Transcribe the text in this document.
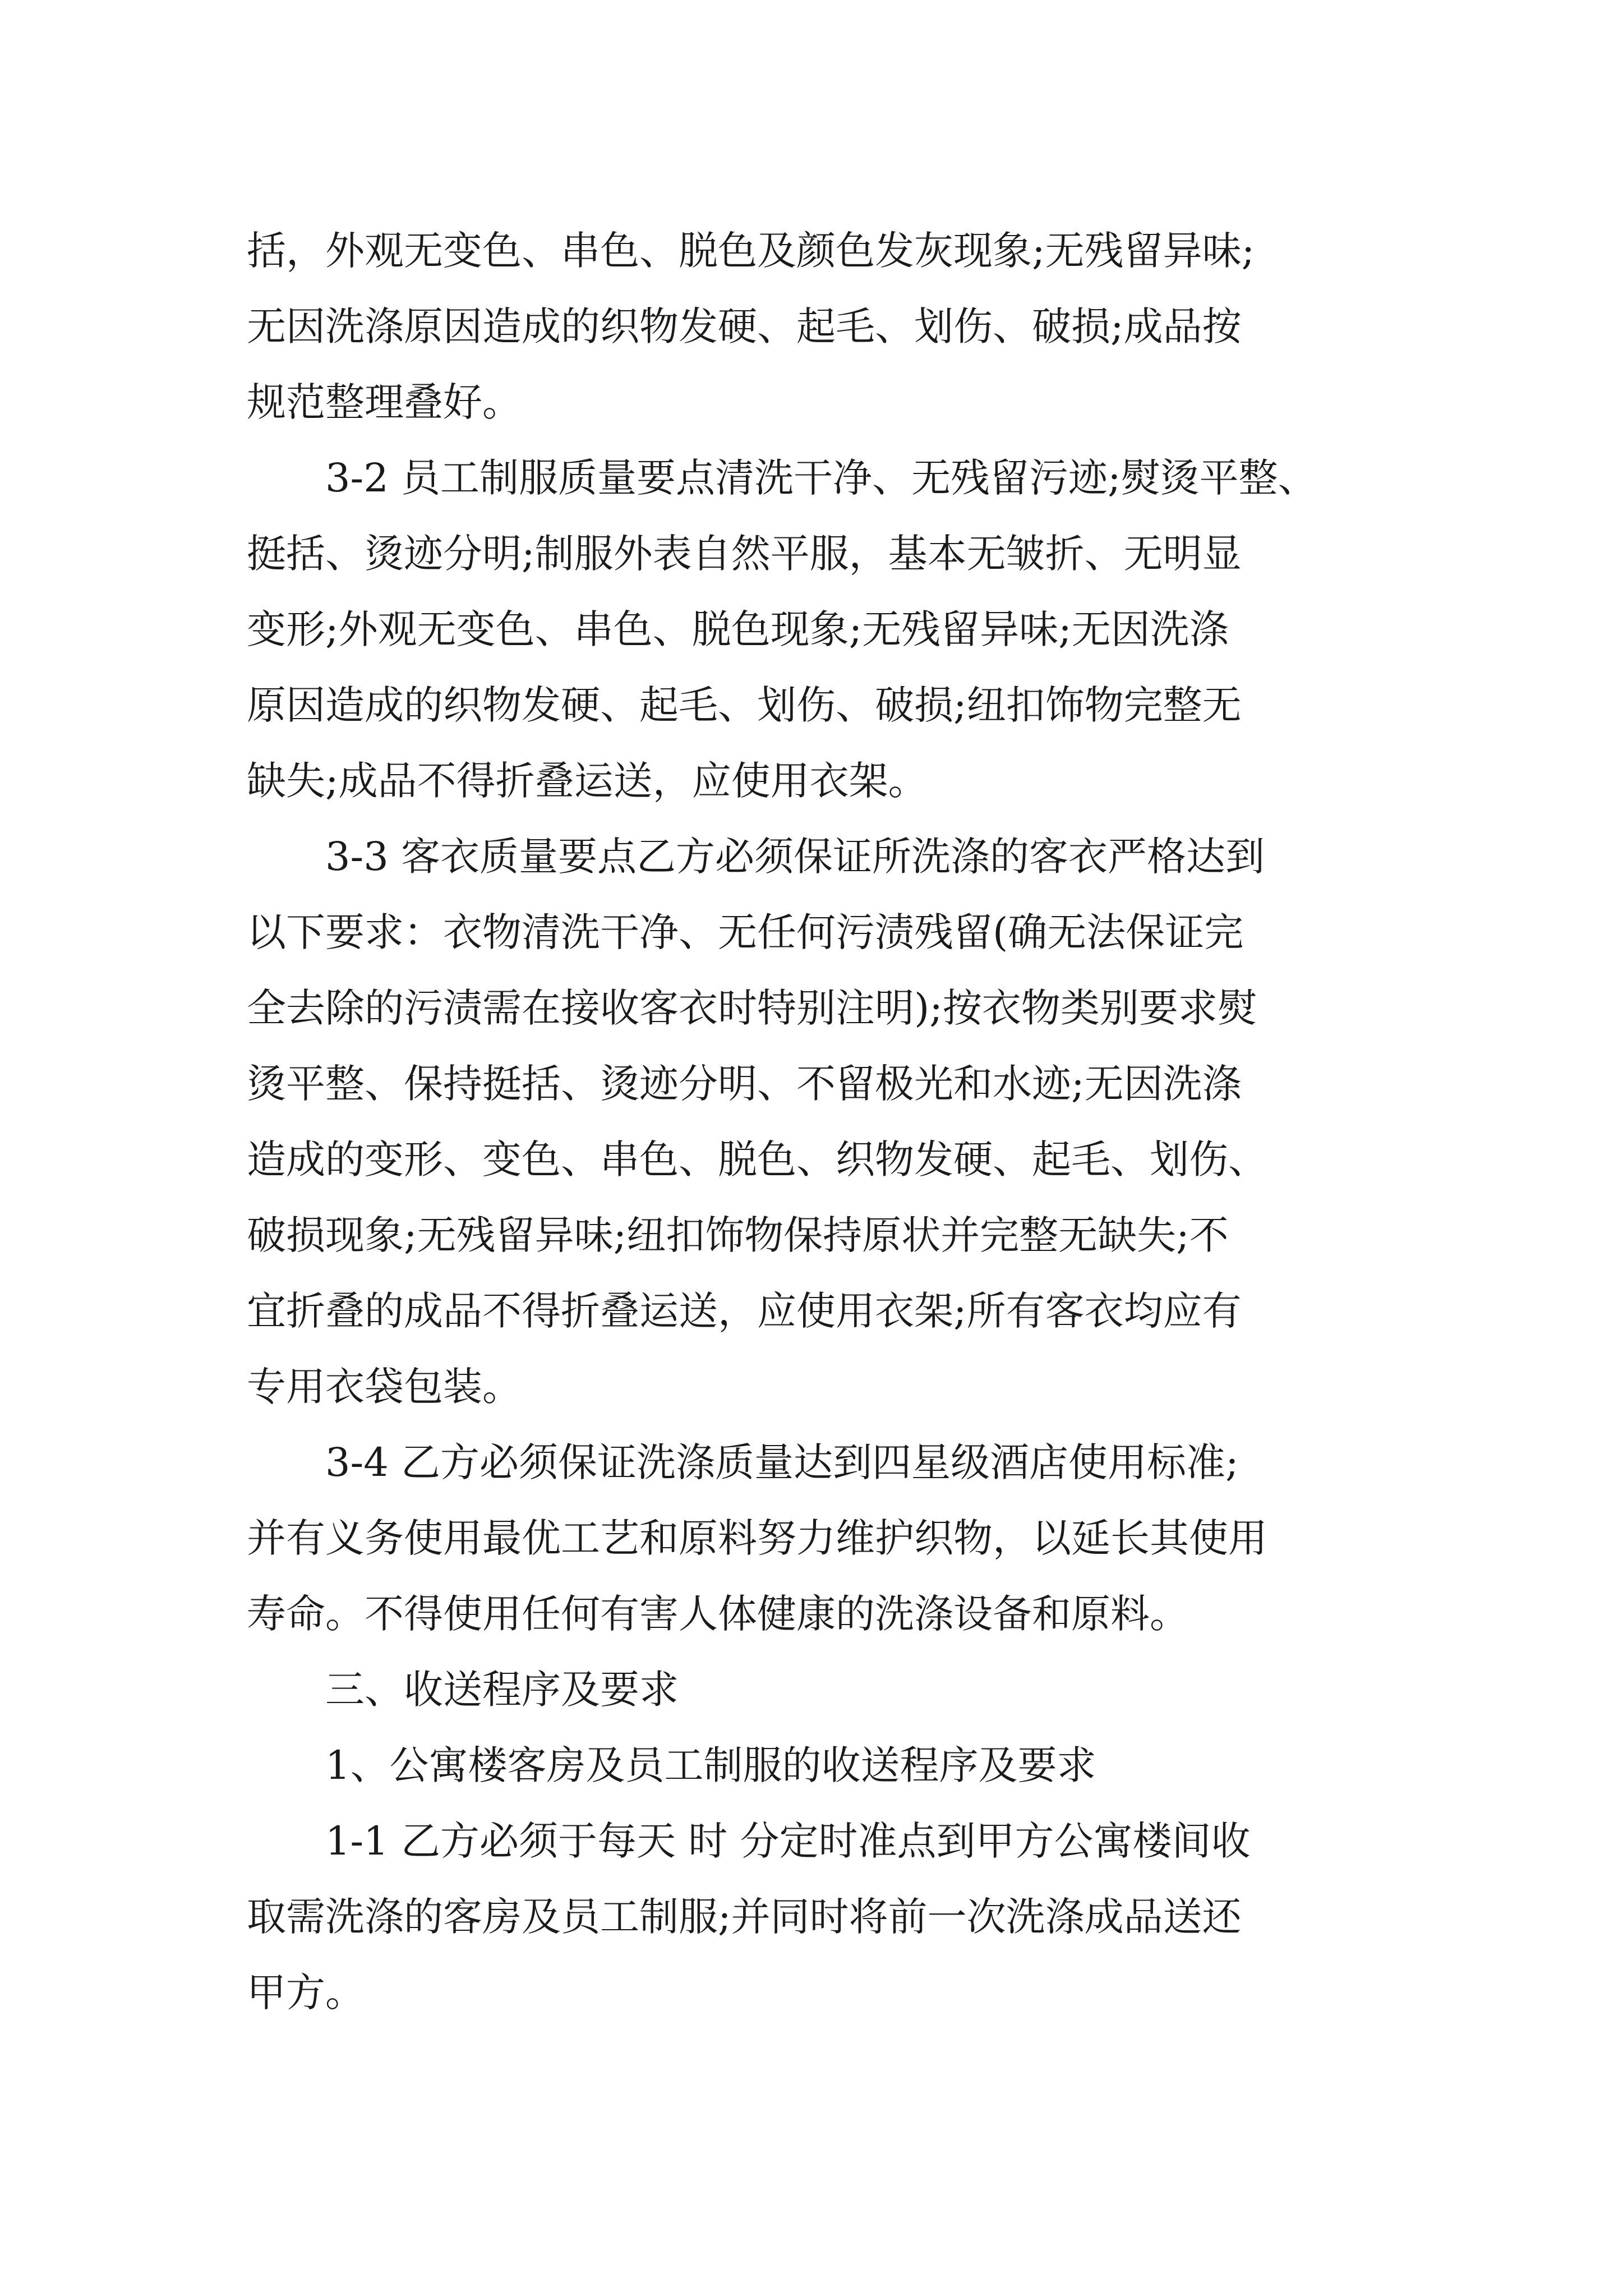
括，外观无变色、串色、脱色及颜色发灰现象;无残留异味;
无因洗涤原因造成的织物发硬、起毛、划伤、破损;成品按
规范整理叠好。
3-2 员工制服质量要点清洗干净、无残留污迹;熨烫平整、
挺括、烫迹分明;制服外表自然平服，基本无皱折、无明显
变形;外观无变色、串色、脱色现象;无残留异味;无因洗涤
原因造成的织物发硬、起毛、划伤、破损;纽扣饰物完整无
缺失;成品不得折叠运送，应使用衣架。
3-3 客衣质量要点乙方必须保证所洗涤的客衣严格达到
以下要求：衣物清洗干净、无任何污渍残留(确无法保证完
全去除的污渍需在接收客衣时特别注明);按衣物类别要求熨
烫平整、保持挺括、烫迹分明、不留极光和水迹;无因洗涤
造成的变形、变色、串色、脱色、织物发硬、起毛、划伤、
破损现象;无残留异味;纽扣饰物保持原状并完整无缺失;不
宜折叠的成品不得折叠运送，应使用衣架;所有客衣均应有
专用衣袋包装。
3-4 乙方必须保证洗涤质量达到四星级酒店使用标准;
并有义务使用最优工艺和原料努力维护织物，以延长其使用
寿命。不得使用任何有害人体健康的洗涤设备和原料。
三、收送程序及要求
1、公寓楼客房及员工制服的收送程序及要求
1-1 乙方必须于每天 时 分定时准点到甲方公寓楼间收
取需洗涤的客房及员工制服;并同时将前一次洗涤成品送还
甲方。
